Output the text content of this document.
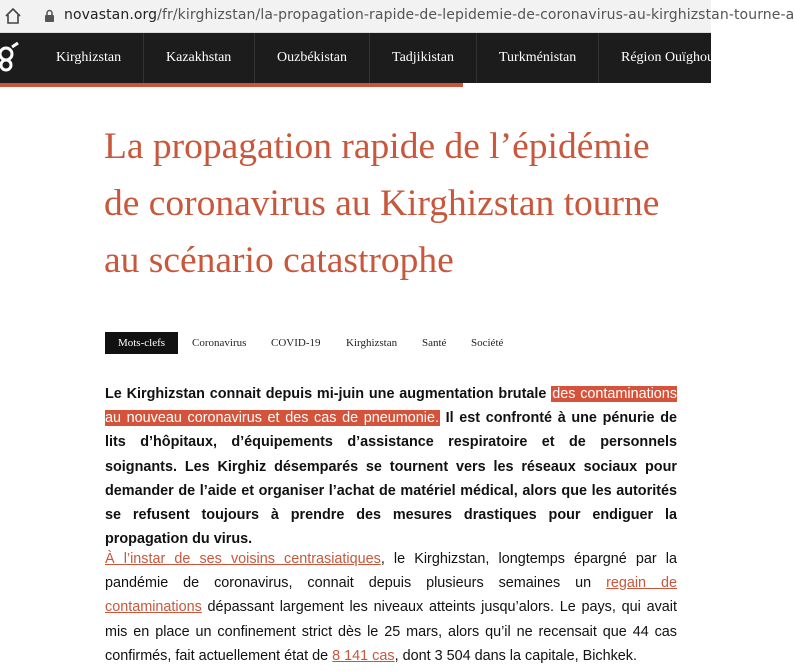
novastan.org/fr/kirghizstan/la-propagation-rapide-de-lepidemie-de-coronavirus-au-kirghizstan-tourne-a
Kirghizstan	Kazakhstan	Ouzbékistan	Tadjikistan	Turkménistan	Région Ouïghour
La propagation rapide de l’épidémie de coronavirus au Kirghizstan tourne au scénario catastrophe
Mots-clefs	Coronavirus COVID-19 Kirghizstan Santé Société

Le Kirghizstan connait depuis mi-juin une augmentation brutale des contaminations au nouveau coronavirus et des cas de pneumonie. Il est confronté à une pénurie de lits d’hôpitaux, d’équipements d’assistance respiratoire et de personnels soignants. Les Kirghiz désemparés se tournent vers les réseaux sociaux pour demander de l’aide et organiser l’achat de matériel médical, alors que les autorités se refusent toujours à prendre des mesures drastiques pour endiguer la propagation du virus.

À l’instar de ses voisins centrasiatiques, le Kirghizstan, longtemps épargné par la pandémie de coronavirus, connait depuis plusieurs semaines un regain de contaminations dépassant largement les niveaux atteints jusqu’alors. Le pays, qui avait mis en place un confinement strict dès le 25 mars, alors qu’il ne recensait que 44 cas confirmés, fait actuellement état de 8 141 cas, dont 3 504 dans la capitale, Bichkek.
